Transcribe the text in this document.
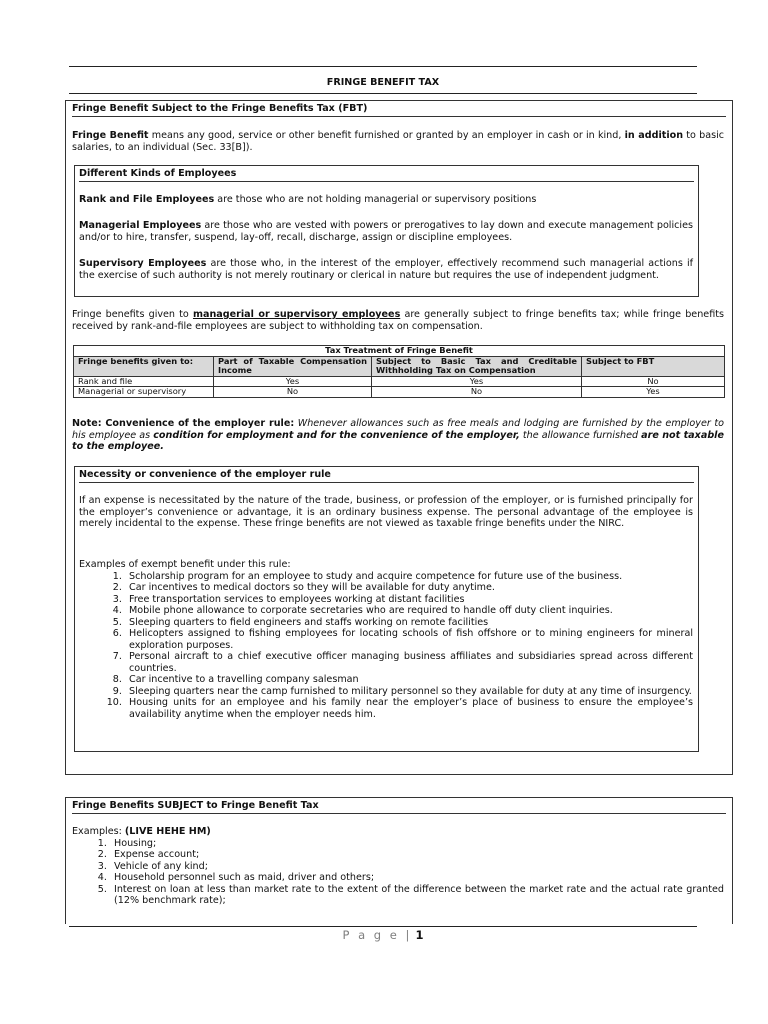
FRINGE BENEFIT TAX
Fringe Benefit Subject to the Fringe Benefits Tax (FBT)
Fringe Benefit means any good, service or other benefit furnished or granted by an employer in cash or in kind, in addition to basic salaries, to an individual (Sec. 33[B]).
Different Kinds of Employees
Rank and File Employees are those who are not holding managerial or supervisory positions
Managerial Employees are those who are vested with powers or prerogatives to lay down and execute management policies and/or to hire, transfer, suspend, lay-off, recall, discharge, assign or discipline employees.
Supervisory Employees are those who, in the interest of the employer, effectively recommend such managerial actions if the exercise of such authority is not merely routinary or clerical in nature but requires the use of independent judgment.
Fringe benefits given to managerial or supervisory employees are generally subject to fringe benefits tax; while fringe benefits received by rank-and-file employees are subject to withholding tax on compensation.
Tax Treatment of Fringe Benefit			
Fringe benefits given to:	Part of Taxable Compensation Income	Subject to Basic Tax and Creditable Withholding Tax on Compensation	Subject to FBT
Rank and file	Yes	Yes	No
Managerial or supervisory	No	No	Yes
Note: Convenience of the employer rule: Whenever allowances such as free meals and lodging are furnished by the employer to his employee as condition for employment and for the convenience of the employer, the allowance furnished are not taxable to the employee.
Necessity or convenience of the employer rule
If an expense is necessitated by the nature of the trade, business, or profession of the employer, or is furnished principally for the employer’s convenience or advantage, it is an ordinary business expense. The personal advantage of the employee is merely incidental to the expense. These fringe benefits are not viewed as taxable fringe benefits under the NIRC.
Examples of exempt benefit under this rule:
1. Scholarship program for an employee to study and acquire competence for future use of the business.
2. Car incentives to medical doctors so they will be available for duty anytime.
3. Free transportation services to employees working at distant facilities
4. Mobile phone allowance to corporate secretaries who are required to handle off duty client inquiries.
5. Sleeping quarters to field engineers and staffs working on remote facilities
6. Helicopters assigned to fishing employees for locating schools of fish offshore or to mining engineers for mineral exploration purposes.
7. Personal aircraft to a chief executive officer managing business affiliates and subsidiaries spread across different countries.
8. Car incentive to a travelling company salesman
9. Sleeping quarters near the camp furnished to military personnel so they available for duty at any time of insurgency.
10. Housing units for an employee and his family near the employer’s place of business to ensure the employee’s availability anytime when the employer needs him.
Fringe Benefits SUBJECT to Fringe Benefit Tax
Examples: (LIVE HEHE HM)
1. Housing;
2. Expense account;
3. Vehicle of any kind;
4. Household personnel such as maid, driver and others;
5. Interest on loan at less than market rate to the extent of the difference between the market rate and the actual rate granted (12% benchmark rate);
P a g e | 1
